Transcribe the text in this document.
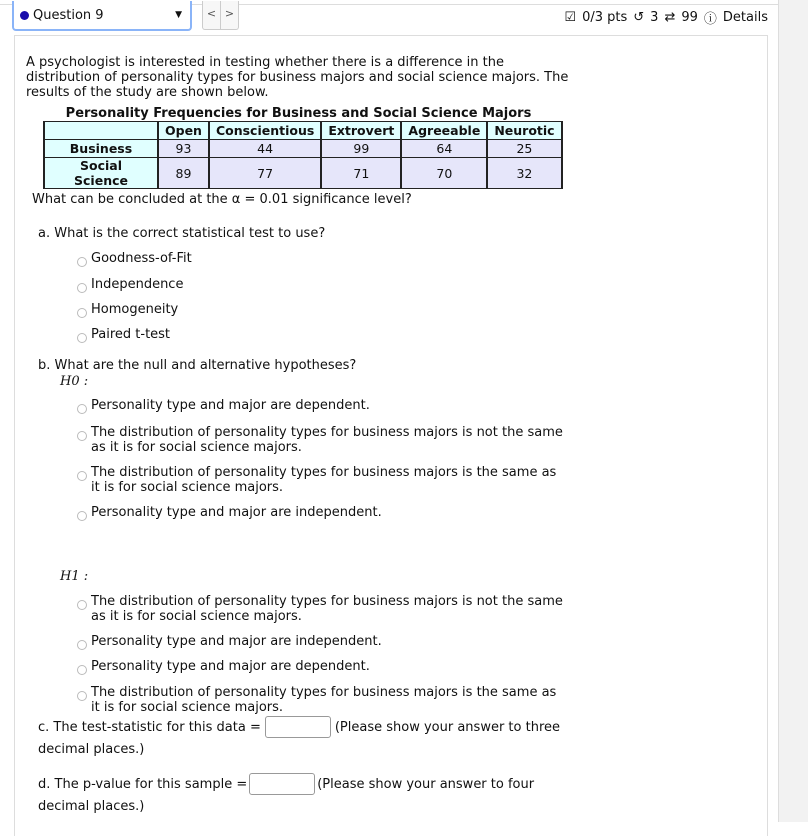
Question 9	▼	< >	☑ 0/3 pts ↺ 3 ⇄ 99 ⓘ Details

A psychologist is interested in testing whether there is a difference in the distribution of personality types for business majors and social science majors. The results of the study are shown below.

Personality Frequencies for Business and Social Science Majors
	Open	Conscientious	Extrovert	Agreeable	Neurotic
Business	93	44	99	64	25
Social Science	89	77	71	70	32

What can be concluded at the α = 0.01 significance level?

a. What is the correct statistical test to use?
Goodness-of-Fit
Independence
Homogeneity
Paired t-test
b. What are the null and alternative hypotheses?
H0 :
Personality type and major are dependent.
The distribution of personality types for business majors is not the same as it is for social science majors.
The distribution of personality types for business majors is the same as it is for social science majors.
Personality type and major are independent.
H1 :
The distribution of personality types for business majors is not the same as it is for social science majors.
Personality type and major are independent.
Personality type and major are dependent.
The distribution of personality types for business majors is the same as it is for social science majors.
c. The test-statistic for this data =	(Please show your answer to three
decimal places.)
d. The p-value for this sample =	(Please show your answer to four
decimal places.)
